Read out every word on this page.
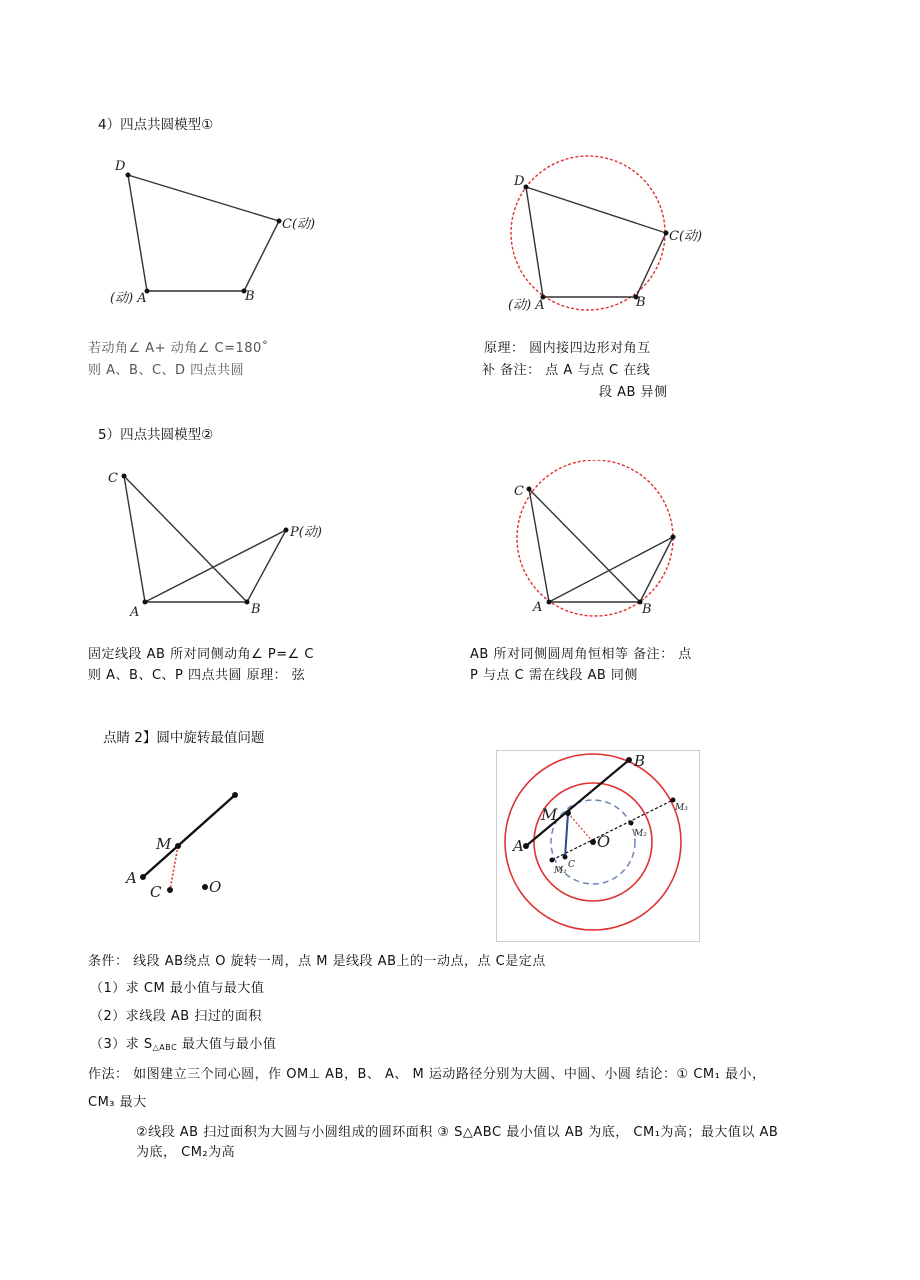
4）四点共圆模型①
D
C(动)
(动) A	B
D
C(动)
(动) A	B
若动角∠ A+ 动角∠ C=180˚
则 A、B、C、D 四点共圆
原理： 圆内接四边形对角互
补 备注： 点 A 与点 C 在线
段 AB 异侧
5）四点共圆模型②
C
P(动)
A	B
C
A	B
固定线段 AB 所对同侧动角∠ P=∠ C
则 A、B、C、P 四点共圆 原理： 弦
AB 所对同侧圆周角恒相等 备注： 点
P 与点 C 需在线段 AB 同侧
点睛 2】圆中旋转最值问题
M
A
C	O
M
A	O
B
C
M₁
M₂
M₃
条件： 线段 AB绕点 O 旋转一周，点 M 是线段 AB上的一动点，点 C是定点
（1）求 CM 最小值与最大值
（2）求线段 AB 扫过的面积
（3）求 $S_{\triangle ABC}$ 最大值与最小值
作法： 如图建立三个同心圆，作 OM⊥ AB，B、 A、 M 运动路径分别为大圆、中圆、小圆 结论：① CM₁ 最小，
CM₃ 最大
②线段 AB 扫过面积为大圆与小圆组成的圆环面积 ③ S△ABC 最小值以 AB 为底， CM₁为高；最大值以 AB
为底， CM₂为高
